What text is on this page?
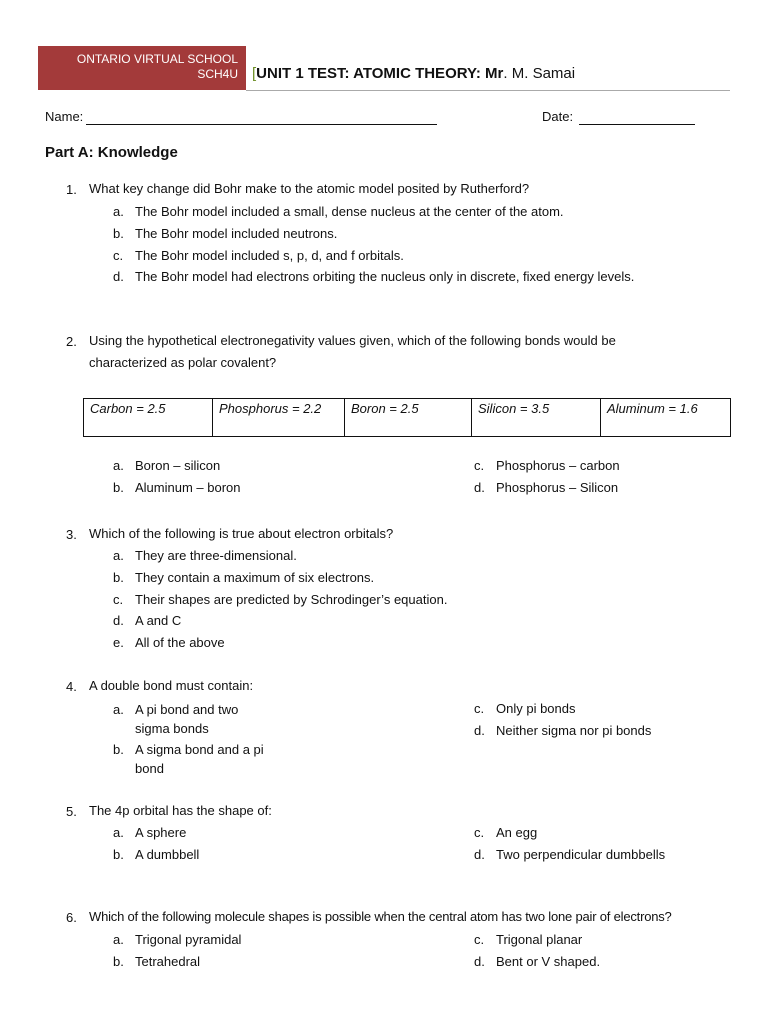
ONTARIO VIRTUAL SCHOOL
SCH4U [UNIT 1 TEST: ATOMIC THEORY: Mr. M. Samai
Name:	Date:
Part A: Knowledge
1. What key change did Bohr make to the atomic model posited by Rutherford?
a. The Bohr model included a small, dense nucleus at the center of the atom.
b. The Bohr model included neutrons.
c. The Bohr model included s, p, d, and f orbitals.
d. The Bohr model had electrons orbiting the nucleus only in discrete, fixed energy levels.
2. Using the hypothetical electronegativity values given, which of the following bonds would be
characterized as polar covalent?
Carbon = 2.5	Phosphorus = 2.2	Boron = 2.5	Silicon = 3.5	Aluminum = 1.6
a. Boron – silicon
b. Aluminum – boron
c. Phosphorus – carbon
d. Phosphorus – Silicon
3. Which of the following is true about electron orbitals?
a. They are three-dimensional.
b. They contain a maximum of six electrons.
c. Their shapes are predicted by Schrodinger’s equation.
d. A and C
e. All of the above
4. A double bond must contain:
a. A pi bond and two
sigma bonds
b. A sigma bond and a pi
bond
c. Only pi bonds
d. Neither sigma nor pi bonds
5. The 4p orbital has the shape of:
a. A sphere
b. A dumbbell
c. An egg
d. Two perpendicular dumbbells
6. Which of the following molecule shapes is possible when the central atom has two lone pair of electrons?
a. Trigonal pyramidal
b. Tetrahedral
c. Trigonal planar
d. Bent or V shaped.
